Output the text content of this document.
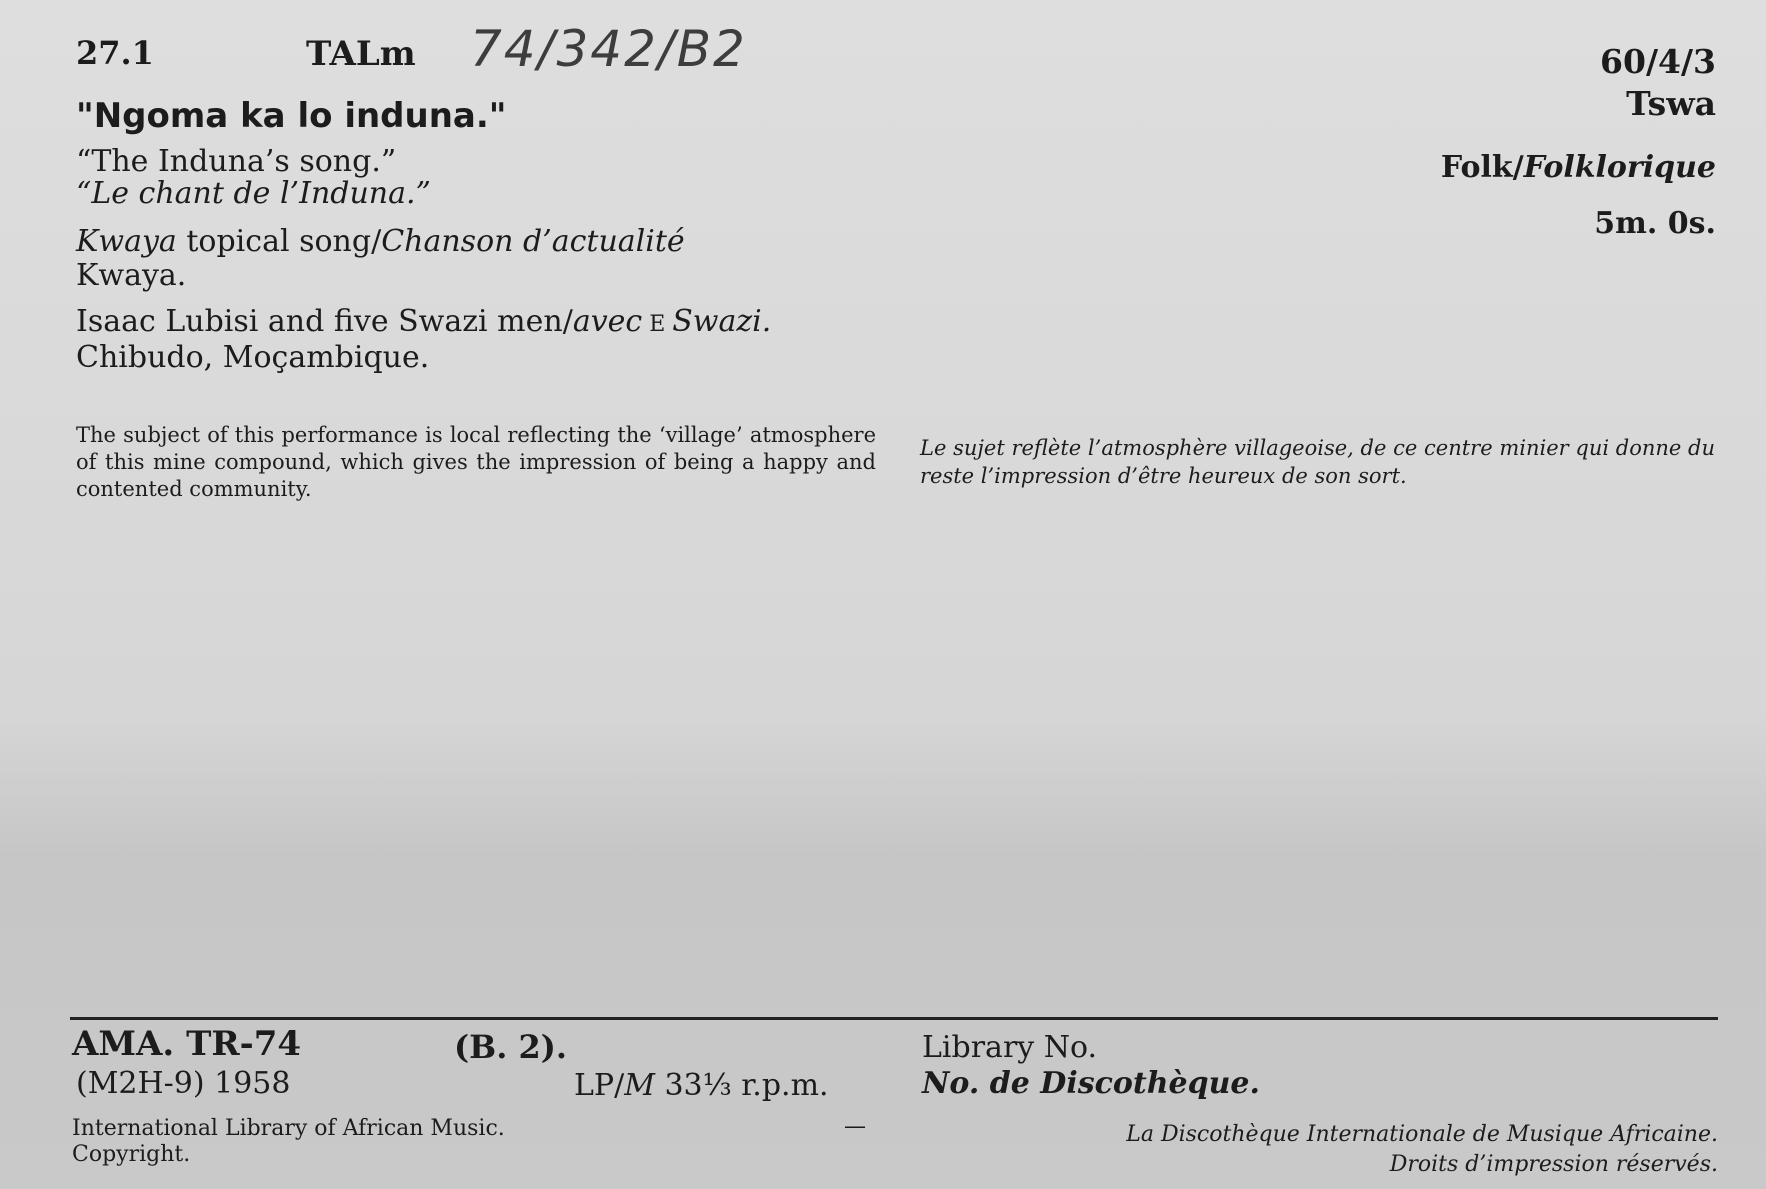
27.1	TALm 74/342/B2	60/4/3
Tswa
Folk/Folklorique
5m. 0s.
"Ngoma ka lo induna."
“The Induna’s song.”
“Le chant de l’Induna.”
Kwaya topical song/Chanson d’actualité
Kwaya.
Isaac Lubisi and five Swazi men/avec E Swazi.
Chibudo, Moçambique.
The subject of this performance is local reflecting the ‘village’ atmosphere of this mine compound, which gives the impression of being a happy and contented community.
Le sujet reflète l’atmosphère villageoise, de ce centre minier qui donne du reste l’impression d’être heureux de son sort.
AMA. TR-74	(B. 2).
(M2H-9) 1958	LP/M 33⅓ r.p.m.
Library No.
No. de Discothèque.
International Library of African Music.
Copyright.
—	La Discothèque Internationale de Musique Africaine.
Droits d’impression réservés.
